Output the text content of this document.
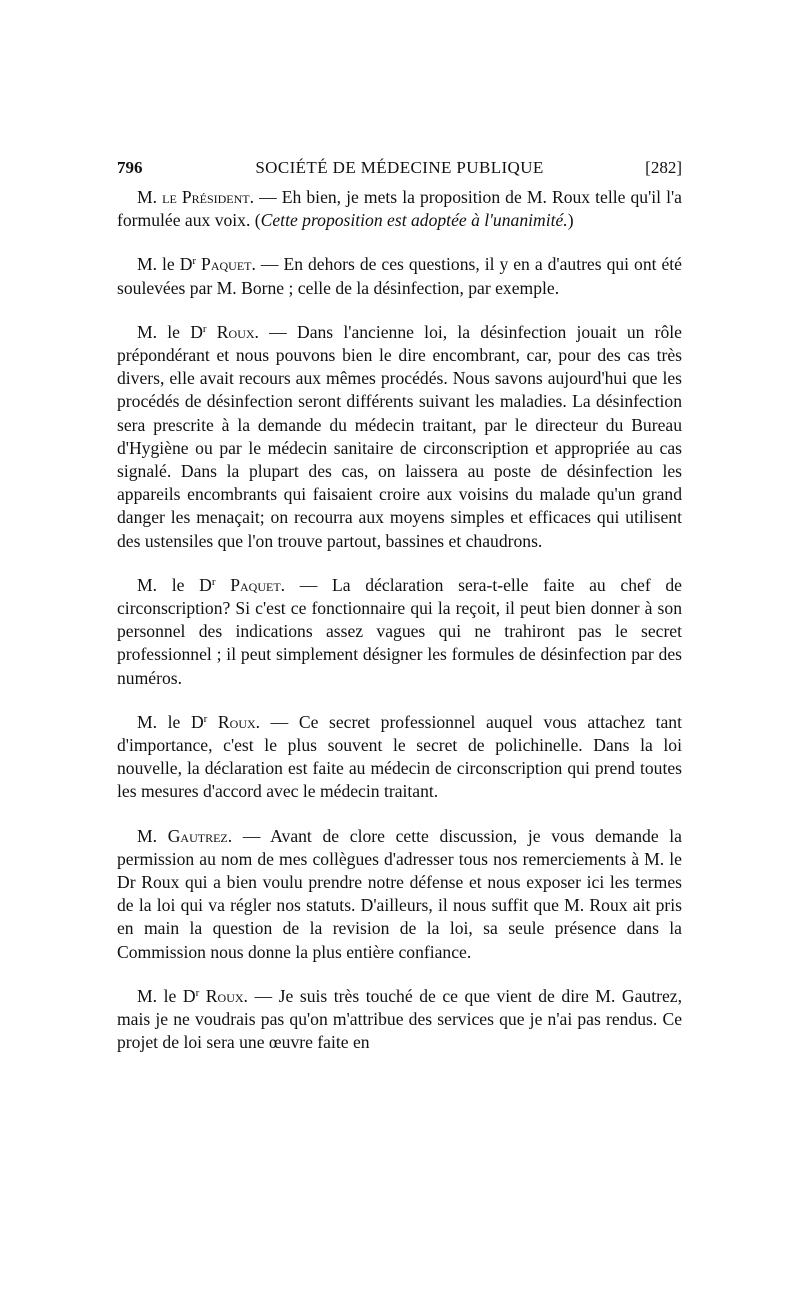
796	SOCIÉTÉ DE MÉDECINE PUBLIQUE	[282]

M. le Président. — Eh bien, je mets la proposition de M. Roux telle qu'il l'a formulée aux voix. (Cette proposition est adoptée à l'unanimité.)

M. le $D^r$ Paquet. — En dehors de ces questions, il y en a d'autres qui ont été soulevées par M. Borne ; celle de la désinfection, par exemple.

M. le $D^r$ Roux. — Dans l'ancienne loi, la désinfection jouait un rôle prépondérant et nous pouvons bien le dire encombrant, car, pour des cas très divers, elle avait recours aux mêmes procédés. Nous savons aujourd'hui que les procédés de désinfection seront différents suivant les maladies. La désinfection sera prescrite à la demande du médecin traitant, par le directeur du Bureau d'Hygiène ou par le médecin sanitaire de circonscription et appropriée au cas signalé. Dans la plupart des cas, on laissera au poste de désinfection les appareils encombrants qui faisaient croire aux voisins du malade qu'un grand danger les menaçait; on recourra aux moyens simples et efficaces qui utilisent des ustensiles que l'on trouve partout, bassines et chaudrons.

M. le $D^r$ Paquet. — La déclaration sera-t-elle faite au chef de circonscription? Si c'est ce fonctionnaire qui la reçoit, il peut bien donner à son personnel des indications assez vagues qui ne trahiront pas le secret professionnel ; il peut simplement désigner les formules de désinfection par des numéros.

M. le $D^r$ Roux. — Ce secret professionnel auquel vous attachez tant d'importance, c'est le plus souvent le secret de polichinelle. Dans la loi nouvelle, la déclaration est faite au médecin de circonscription qui prend toutes les mesures d'accord avec le médecin traitant.

M. Gautrez. — Avant de clore cette discussion, je vous demande la permission au nom de mes collègues d'adresser tous nos remerciements à M. le Dr Roux qui a bien voulu prendre notre défense et nous exposer ici les termes de la loi qui va régler nos statuts. D'ailleurs, il nous suffit que M. Roux ait pris en main la question de la revision de la loi, sa seule présence dans la Commission nous donne la plus entière confiance.

M. le $D^r$ Roux. — Je suis très touché de ce que vient de dire M. Gautrez, mais je ne voudrais pas qu'on m'attribue des services que je n'ai pas rendus. Ce projet de loi sera une œuvre faite en
